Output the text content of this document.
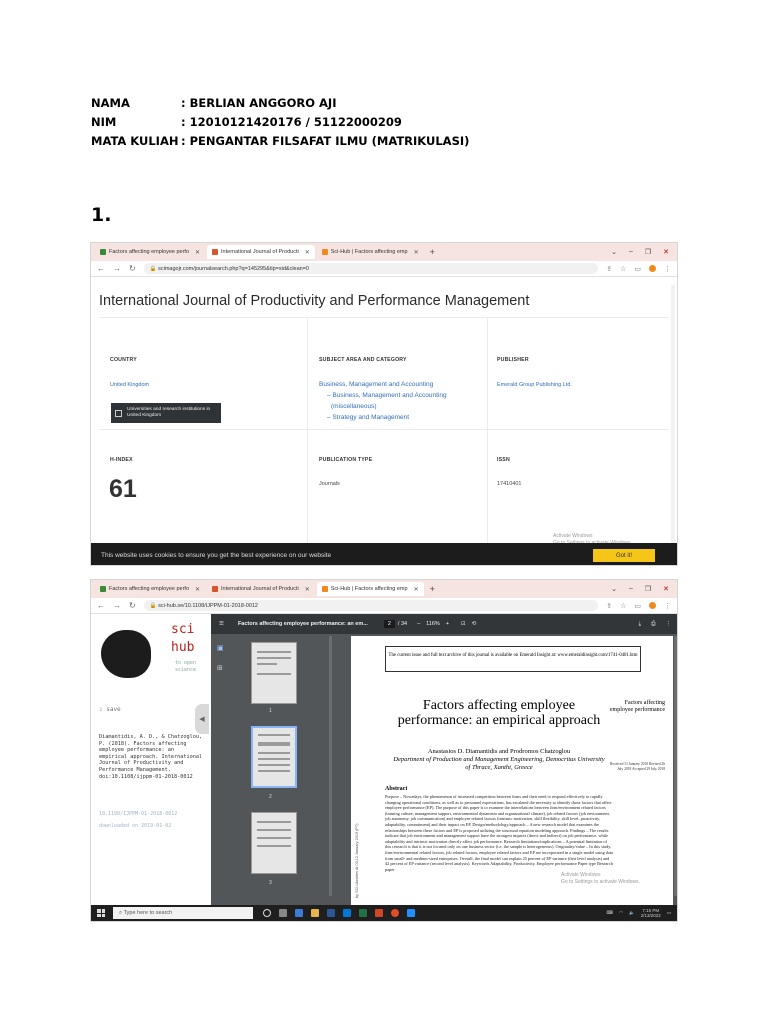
NAMA	: BERLIAN ANGGORO AJI
NIM	: 12010121420176 / 51122000209
MATA KULIAH : PENGANTAR FILSAFAT ILMU (MATRIKULASI)
1.
Factors affecting employee perfo ✕	International Journal of Producti ✕	Sci-Hub | Factors affecting emp ✕ +	⌄ – ❐ ✕
← → ↻	🔒 scimagojr.com/journalsearch.php?q=145295&tip=sid&clean=0	⇪ ☆ ▭	⋮
International Journal of Productivity and Performance Management
COUNTRY
United Kingdom
Universities and research institutions in United Kingdom
SUBJECT AREA AND CATEGORY
Business, Management and Accounting
– Business, Management and Accounting
(miscellaneous)
– Strategy and Management
PUBLISHER
Emerald Group Publishing Ltd.
H-INDEX
61
PUBLICATION TYPE
Journals
ISSN
17410401
Activate Windows
This website uses cookies to ensure you get the best experience on our website	Got it!
Factors affecting employee perfo ✕	International Journal of Producti ✕	Sci-Hub | Factors affecting emp ✕ +	⌄ – ❐ ✕
← → ↻	🔒 sci-hub.se/10.1108/IJPPM-01-2018-0012	⇪ ☆ ▭	⋮
sci
hub
to open
science
⇩ save
◀
Diamantidis, A. D., & Chatzoglou, P. (2018). Factors affecting employee performance: an empirical approach. International Journal of Productivity and Performance Management. doi:10.1108/ijppm-01-2018-0012
10.1108/IJPPM-01-2018-0012
downloaded on 2019-01-02
☰	Factors affecting employee performance: an em...	2	/ 34 – 116% + ⊡ ⟲	⤓ ⎙ ⋮
▣
⊞
1
2
3
The current issue and full text archive of this journal is available on Emerald Insight at: www.emeraldinsight.com/1741-0401.htm
Factors affecting employee performance: an empirical approach
Factors affecting employee performance
Anastasios D. Diamantidis and Prodromos Chatzoglou
Department of Production and Management Engineering, Democritus University of Thrace, Xanthi, Greece	Received 31 January 2018 Revised 26 July 2018 Accepted 29 July 2018
Abstract
Purpose – Nowadays, the phenomenon of increased competition between firms and their need to respond effectively to rapidly changing operational conditions, as well as to personnel expectations, has escalated the necessity to identify those factors that affect employee performance (EP). The purpose of this paper is to examine the interrelations between firm/environment related factors (training culture, management support, environmental dynamism and organizational climate), job related factors (job environment, job autonomy, job communication) and employee related factors (intrinsic motivation, skill flexibility, skill level, proactivity, adaptability, commitment) and their impact on EP. Design/methodology/approach – A new research model that examines the relationships between these factors and EP is proposed utilizing the structural equation modeling approach. Findings – The results indicate that job environment and management support have the strongest impacts (direct and indirect) on job performance, while adaptability and intrinsic motivation directly affect job performance. Research limitations/implications – A potential limitation of this research is that it is not focused only on one business sector (i.e. the sample is heterogeneous). Originality/value – In this study, firm/environmental related factors, job related factors, employee related factors and EP are incorporated in a single model using data from small- and medium-sized enterprises. Overall, the final model can explain 25 percent of EP variance (first level analysis) and 42 percent of EP variance (second level analysis). Keywords Adaptability, Productivity, Employee performance Paper type Research paper
by SCI Libraries At 03:12 January 2019 (PT)	Activate Windows
Go to Settings to activate Windows.
⌕ Type here to search	⌨ ◠ 🔈	7:15 PM
2/13/2022
▭
